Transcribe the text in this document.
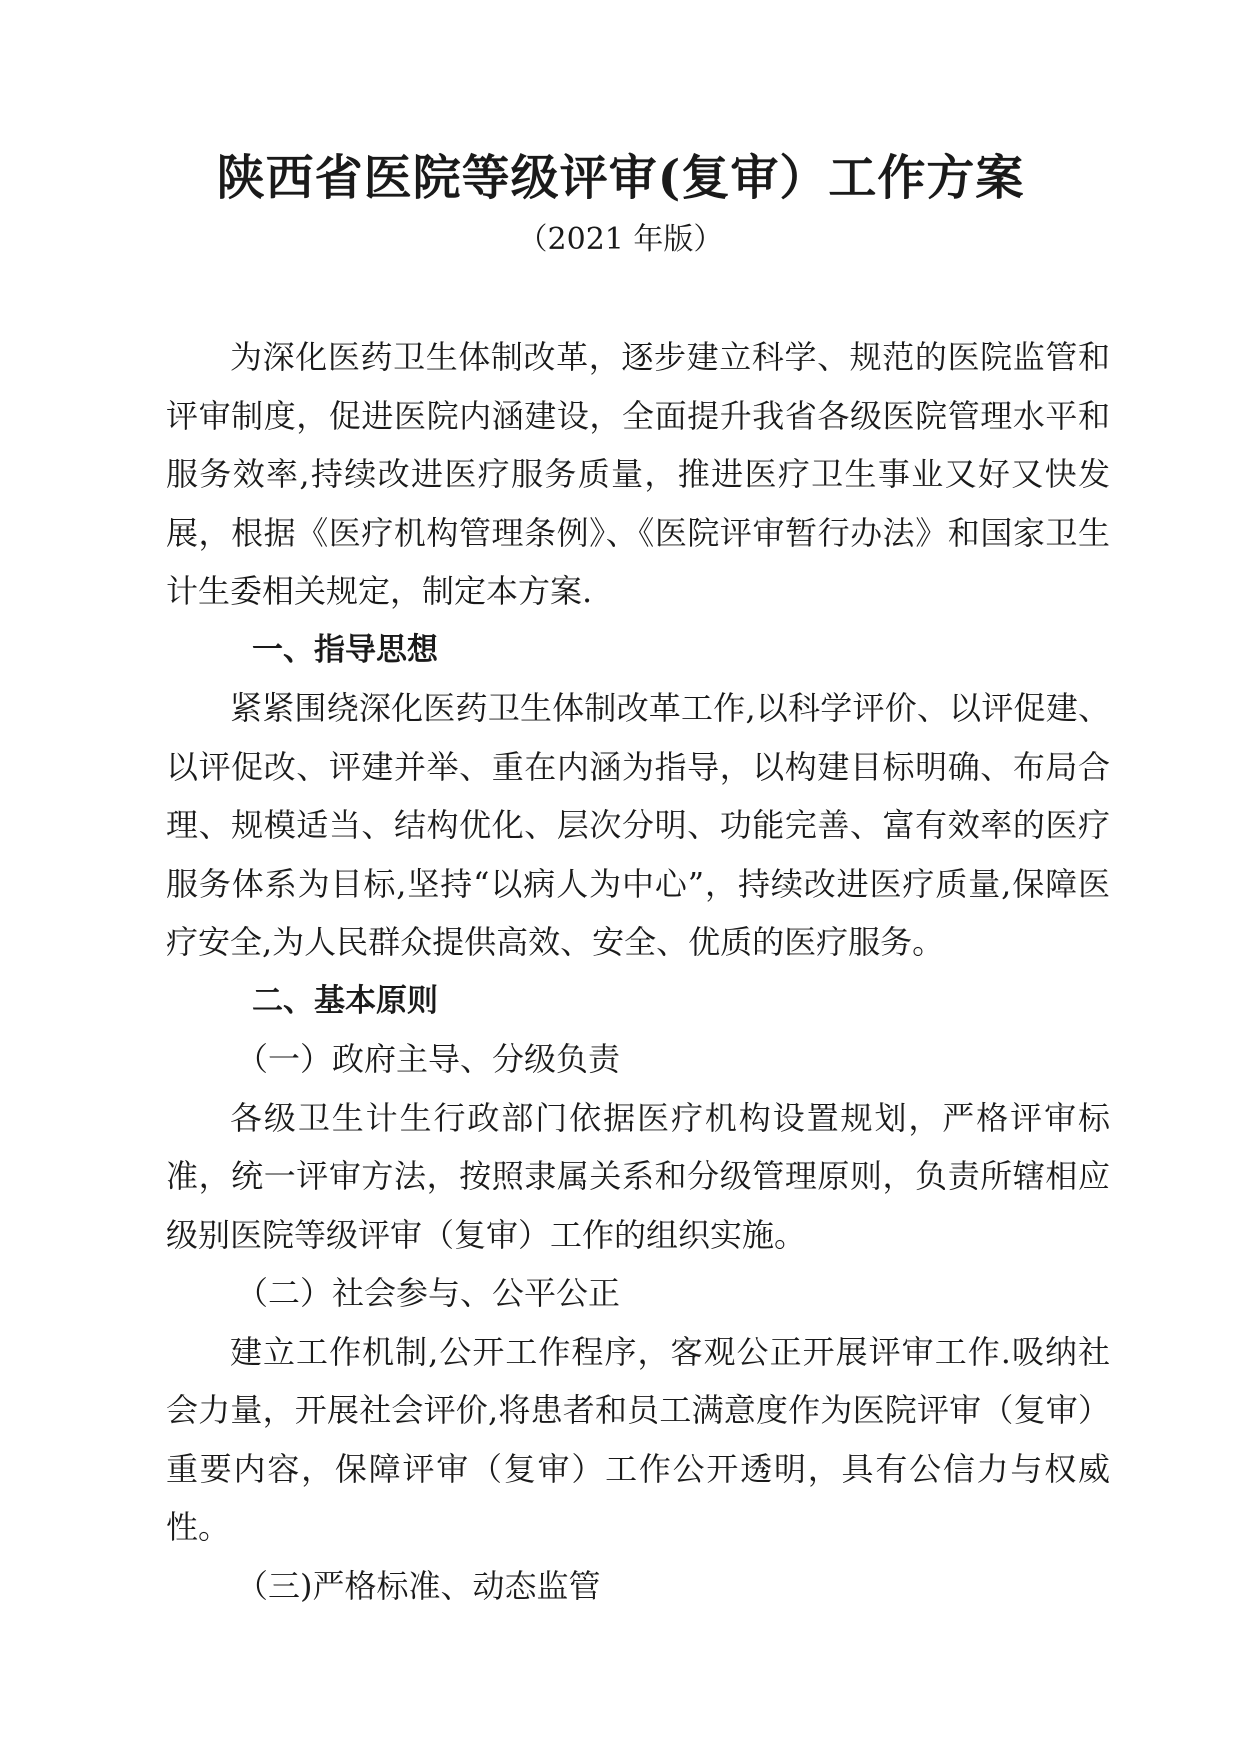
陕西省医院等级评审(复审）工作方案
（2021 年版）

为深化医药卫生体制改革，逐步建立科学、规范的医院监管和评审制度，促进医院内涵建设，全面提升我省各级医院管理水平和服务效率,持续改进医疗服务质量，推进医疗卫生事业又好又快发展，根据《医疗机构管理条例》、《医院评审暂行办法》和国家卫生计生委相关规定，制定本方案.

一、指导思想

紧紧围绕深化医药卫生体制改革工作,以科学评价、以评促建、以评促改、评建并举、重在内涵为指导，以构建目标明确、布局合理、规模适当、结构优化、层次分明、功能完善、富有效率的医疗服务体系为目标,坚持“以病人为中心”，持续改进医疗质量,保障医疗安全,为人民群众提供高效、安全、优质的医疗服务。

二、基本原则
（一）政府主导、分级负责

各级卫生计生行政部门依据医疗机构设置规划，严格评审标准，统一评审方法，按照隶属关系和分级管理原则，负责所辖相应级别医院等级评审（复审）工作的组织实施。

（二）社会参与、公平公正

建立工作机制,公开工作程序，客观公正开展评审工作.吸纳社会力量，开展社会评价,将患者和员工满意度作为医院评审（复审）重要内容，保障评审（复审）工作公开透明，具有公信力与权威性。

（三)严格标准、动态监管
